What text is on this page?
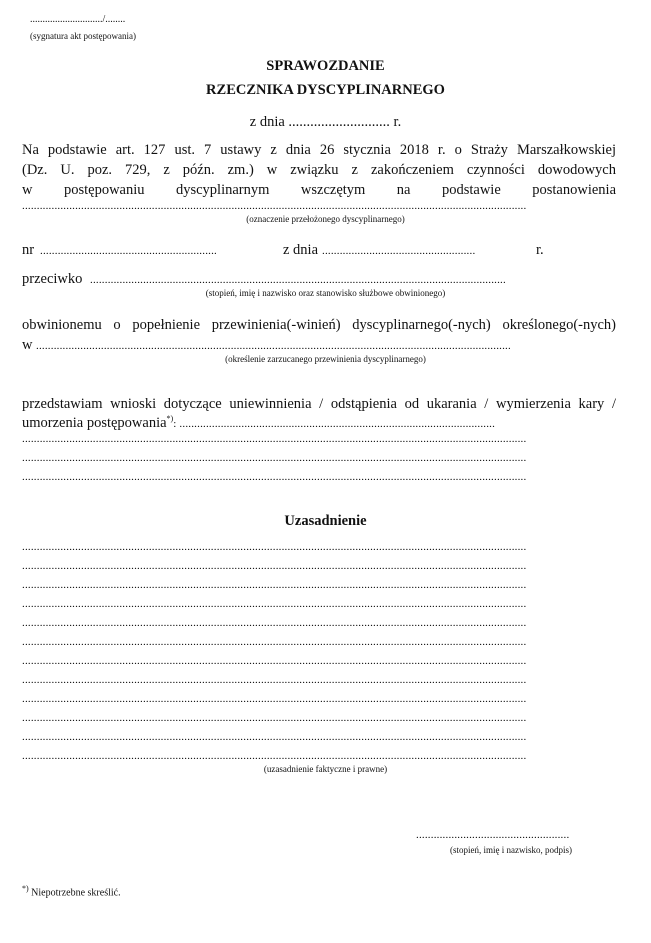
............................./........
(sygnatura akt postępowania)
SPRAWOZDANIE
RZECZNIKA DYSCYPLINARNEGO
z dnia ............................ r.
Na podstawie art. 127 ust. 7 ustawy z dnia 26 stycznia 2018 r. o Straży Marszałkowskiej
(Dz. U. poz. 729, z późn. zm.) w związku z zakończeniem czynności dowodowych
w postępowaniu dyscyplinarnym wszczętym na podstawie postanowienia
...........................................................................................................................................................................
(oznaczenie przełożonego dyscyplinarnego)
nr ............................................................	z dnia ....................................................	r.
przeciwko .............................................................................................................................................
(stopień, imię i nazwisko oraz stanowisko służbowe obwinionego)
obwinionemu o popełnienie przewinienia(-winień) dyscyplinarnego(-nych) określonego(-nych)
w .................................................................................................................................................................
(określenie zarzucanego przewinienia dyscyplinarnego)
przedstawiam wnioski dotyczące uniewinnienia / odstąpienia od ukarania / wymierzenia kary /
umorzenia postępowania*): ...........................................................................................................
...........................................................................................................................................................................
...........................................................................................................................................................................
...........................................................................................................................................................................
Uzasadnienie
...........................................................................................................................................................................
...........................................................................................................................................................................
...........................................................................................................................................................................
...........................................................................................................................................................................
...........................................................................................................................................................................
...........................................................................................................................................................................
...........................................................................................................................................................................
...........................................................................................................................................................................
...........................................................................................................................................................................
...........................................................................................................................................................................
...........................................................................................................................................................................
...........................................................................................................................................................................
(uzasadnienie faktyczne i prawne)
....................................................
(stopień, imię i nazwisko, podpis)
*) Niepotrzebne skreślić.
